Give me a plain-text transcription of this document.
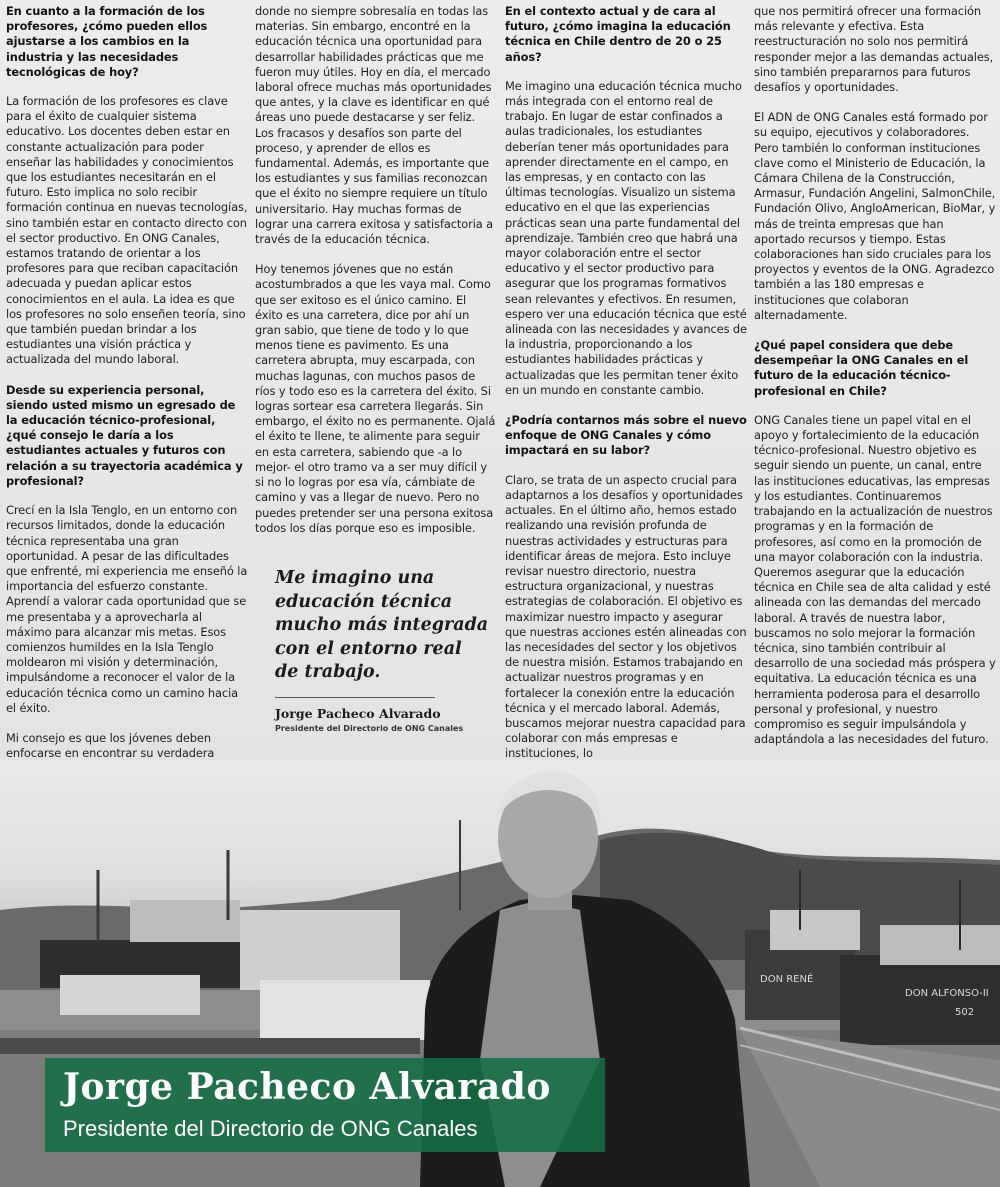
En cuanto a la formación de los profesores, ¿cómo pueden ellos ajustarse a los cambios en la industria y las necesidades tecnológicas de hoy?

La formación de los profesores es clave para el éxito de cualquier sistema educativo. Los docentes deben estar en constante actualización para poder enseñar las habilidades y conocimientos que los estudiantes necesitarán en el futuro. Esto implica no solo recibir formación continua en nuevas tecnologías, sino también estar en contacto directo con el sector productivo. En ONG Canales, estamos tratando de orientar a los profesores para que reciban capacitación adecuada y puedan aplicar estos conocimientos en el aula. La idea es que los profesores no solo enseñen teoría, sino que también puedan brindar a los estudiantes una visión práctica y actualizada del mundo laboral.

Desde su experiencia personal, siendo usted mismo un egresado de la educación técnico-profesional, ¿qué consejo le daría a los estudiantes actuales y futuros con relación a su trayectoria académica y profesional?

Crecí en la Isla Tenglo, en un entorno con recursos limitados, donde la educación técnica representaba una gran oportunidad. A pesar de las dificultades que enfrenté, mi experiencia me enseñó la importancia del esfuerzo constante. Aprendí a valorar cada oportunidad que se me presentaba y a aprovecharla al máximo para alcanzar mis metas. Esos comienzos humildes en la Isla Tenglo moldearon mi visión y determinación, impulsándome a reconocer el valor de la educación técnica como un camino hacia el éxito.

Mi consejo es que los jóvenes deben enfocarse en encontrar su verdadera

donde no siempre sobresalía en todas las materias. Sin embargo, encontré en la educación técnica una oportunidad para desarrollar habilidades prácticas que me fueron muy útiles. Hoy en día, el mercado laboral ofrece muchas más oportunidades que antes, y la clave es identificar en qué áreas uno puede destacarse y ser feliz. Los fracasos y desafíos son parte del proceso, y aprender de ellos es fundamental. Además, es importante que los estudiantes y sus familias reconozcan que el éxito no siempre requiere un título universitario. Hay muchas formas de lograr una carrera exitosa y satisfactoria a través de la educación técnica.

Hoy tenemos jóvenes que no están acostumbrados a que les vaya mal. Como que ser exitoso es el único camino. El éxito es una carretera, dice por ahí un gran sabio, que tiene de todo y lo que menos tiene es pavimento. Es una carretera abrupta, muy escarpada, con muchas lagunas, con muchos pasos de ríos y todo eso es la carretera del éxito. Si logras sortear esa carretera llegarás. Sin embargo, el éxito no es permanente. Ojalá el éxito te llene, te alimente para seguir en esta carretera, sabiendo que -a lo mejor- el otro tramo va a ser muy difícil y si no lo logras por esa vía, cámbiate de camino y vas a llegar de nuevo. Pero no puedes pretender ser una persona exitosa todos los días porque eso es imposible.

Me imagino una educación técnica mucho más integrada con el entorno real de trabajo.

Jorge Pacheco Alvarado
Presidente del Directorio de ONG Canales
En el contexto actual y de cara al futuro, ¿cómo imagina la educación técnica en Chile dentro de 20 o 25 años?

Me imagino una educación técnica mucho más integrada con el entorno real de trabajo. En lugar de estar confinados a aulas tradicionales, los estudiantes deberían tener más oportunidades para aprender directamente en el campo, en las empresas, y en contacto con las últimas tecnologías. Visualizo un sistema educativo en el que las experiencias prácticas sean una parte fundamental del aprendizaje. También creo que habrá una mayor colaboración entre el sector educativo y el sector productivo para asegurar que los programas formativos sean relevantes y efectivos. En resumen, espero ver una educación técnica que esté alineada con las necesidades y avances de la industria, proporcionando a los estudiantes habilidades prácticas y actualizadas que les permitan tener éxito en un mundo en constante cambio.

¿Podría contarnos más sobre el nuevo enfoque de ONG Canales y cómo impactará en su labor?

Claro, se trata de un aspecto crucial para adaptarnos a los desafíos y oportunidades actuales. En el último año, hemos estado realizando una revisión profunda de nuestras actividades y estructuras para identificar áreas de mejora. Esto incluye revisar nuestro directorio, nuestra estructura organizacional, y nuestras estrategias de colaboración. El objetivo es maximizar nuestro impacto y asegurar que nuestras acciones estén alineadas con las necesidades del sector y los objetivos de nuestra misión. Estamos trabajando en actualizar nuestros programas y en fortalecer la conexión entre la educación técnica y el mercado laboral. Además, buscamos mejorar nuestra capacidad para colaborar con más empresas e instituciones, lo

que nos permitirá ofrecer una formación más relevante y efectiva. Esta reestructuración no solo nos permitirá responder mejor a las demandas actuales, sino también prepararnos para futuros desafíos y oportunidades.

El ADN de ONG Canales está formado por su equipo, ejecutivos y colaboradores. Pero también lo conforman instituciones clave como el Ministerio de Educación, la Cámara Chilena de la Construcción, Armasur, Fundación Angelini, SalmonChile, Fundación Olivo, AngloAmerican, BioMar, y más de treinta empresas que han aportado recursos y tiempo. Estas colaboraciones han sido cruciales para los proyectos y eventos de la ONG. Agradezco también a las 180 empresas e instituciones que colaboran alternadamente.

¿Qué papel considera que debe desempeñar la ONG Canales en el futuro de la educación técnico-profesional en Chile?

ONG Canales tiene un papel vital en el apoyo y fortalecimiento de la educación técnico-profesional. Nuestro objetivo es seguir siendo un puente, un canal, entre las instituciones educativas, las empresas y los estudiantes. Continuaremos trabajando en la actualización de nuestros programas y en la formación de profesores, así como en la promoción de una mayor colaboración con la industria. Queremos asegurar que la educación técnica en Chile sea de alta calidad y esté alineada con las demandas del mercado laboral. A través de nuestra labor, buscamos no solo mejorar la formación técnica, sino también contribuir al desarrollo de una sociedad más próspera y equitativa. La educación técnica es una herramienta poderosa para el desarrollo personal y profesional, y nuestro compromiso es seguir impulsándola y adaptándola a las necesidades del futuro.

DON RENÉ
DON ALFONSO-II
502
Jorge Pacheco Alvarado
Presidente del Directorio de ONG Canales
